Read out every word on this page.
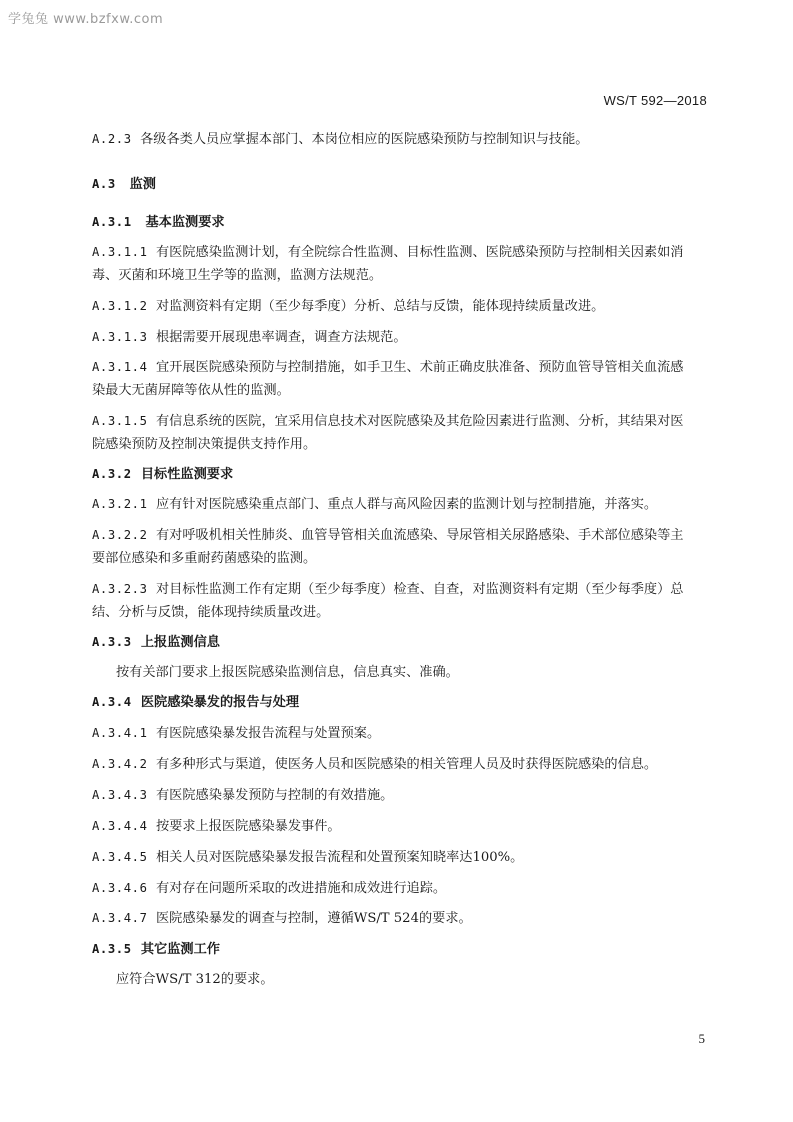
学兔兔 www.bzfxw.com
WS/T 592—2018
A.2.3 各级各类人员应掌握本部门、本岗位相应的医院感染预防与控制知识与技能。
A.3 监测
A.3.1 基本监测要求
A.3.1.1 有医院感染监测计划，有全院综合性监测、目标性监测、医院感染预防与控制相关因素如消
毒、灭菌和环境卫生学等的监测，监测方法规范。
A.3.1.2 对监测资料有定期（至少每季度）分析、总结与反馈，能体现持续质量改进。
A.3.1.3 根据需要开展现患率调查，调查方法规范。
A.3.1.4 宜开展医院感染预防与控制措施，如手卫生、术前正确皮肤准备、预防血管导管相关血流感
染最大无菌屏障等依从性的监测。
A.3.1.5 有信息系统的医院，宜采用信息技术对医院感染及其危险因素进行监测、分析，其结果对医
院感染预防及控制决策提供支持作用。
A.3.2 目标性监测要求
A.3.2.1 应有针对医院感染重点部门、重点人群与高风险因素的监测计划与控制措施，并落实。
A.3.2.2 有对呼吸机相关性肺炎、血管导管相关血流感染、导尿管相关尿路感染、手术部位感染等主
要部位感染和多重耐药菌感染的监测。
A.3.2.3 对目标性监测工作有定期（至少每季度）检查、自查，对监测资料有定期（至少每季度）总
结、分析与反馈，能体现持续质量改进。
A.3.3 上报监测信息
按有关部门要求上报医院感染监测信息，信息真实、准确。
A.3.4 医院感染暴发的报告与处理
A.3.4.1 有医院感染暴发报告流程与处置预案。
A.3.4.2 有多种形式与渠道，使医务人员和医院感染的相关管理人员及时获得医院感染的信息。
A.3.4.3 有医院感染暴发预防与控制的有效措施。
A.3.4.4 按要求上报医院感染暴发事件。
A.3.4.5 相关人员对医院感染暴发报告流程和处置预案知晓率达100%。
A.3.4.6 有对存在问题所采取的改进措施和成效进行追踪。
A.3.4.7 医院感染暴发的调查与控制，遵循WS/T 524的要求。
A.3.5 其它监测工作
应符合WS/T 312的要求。
5
